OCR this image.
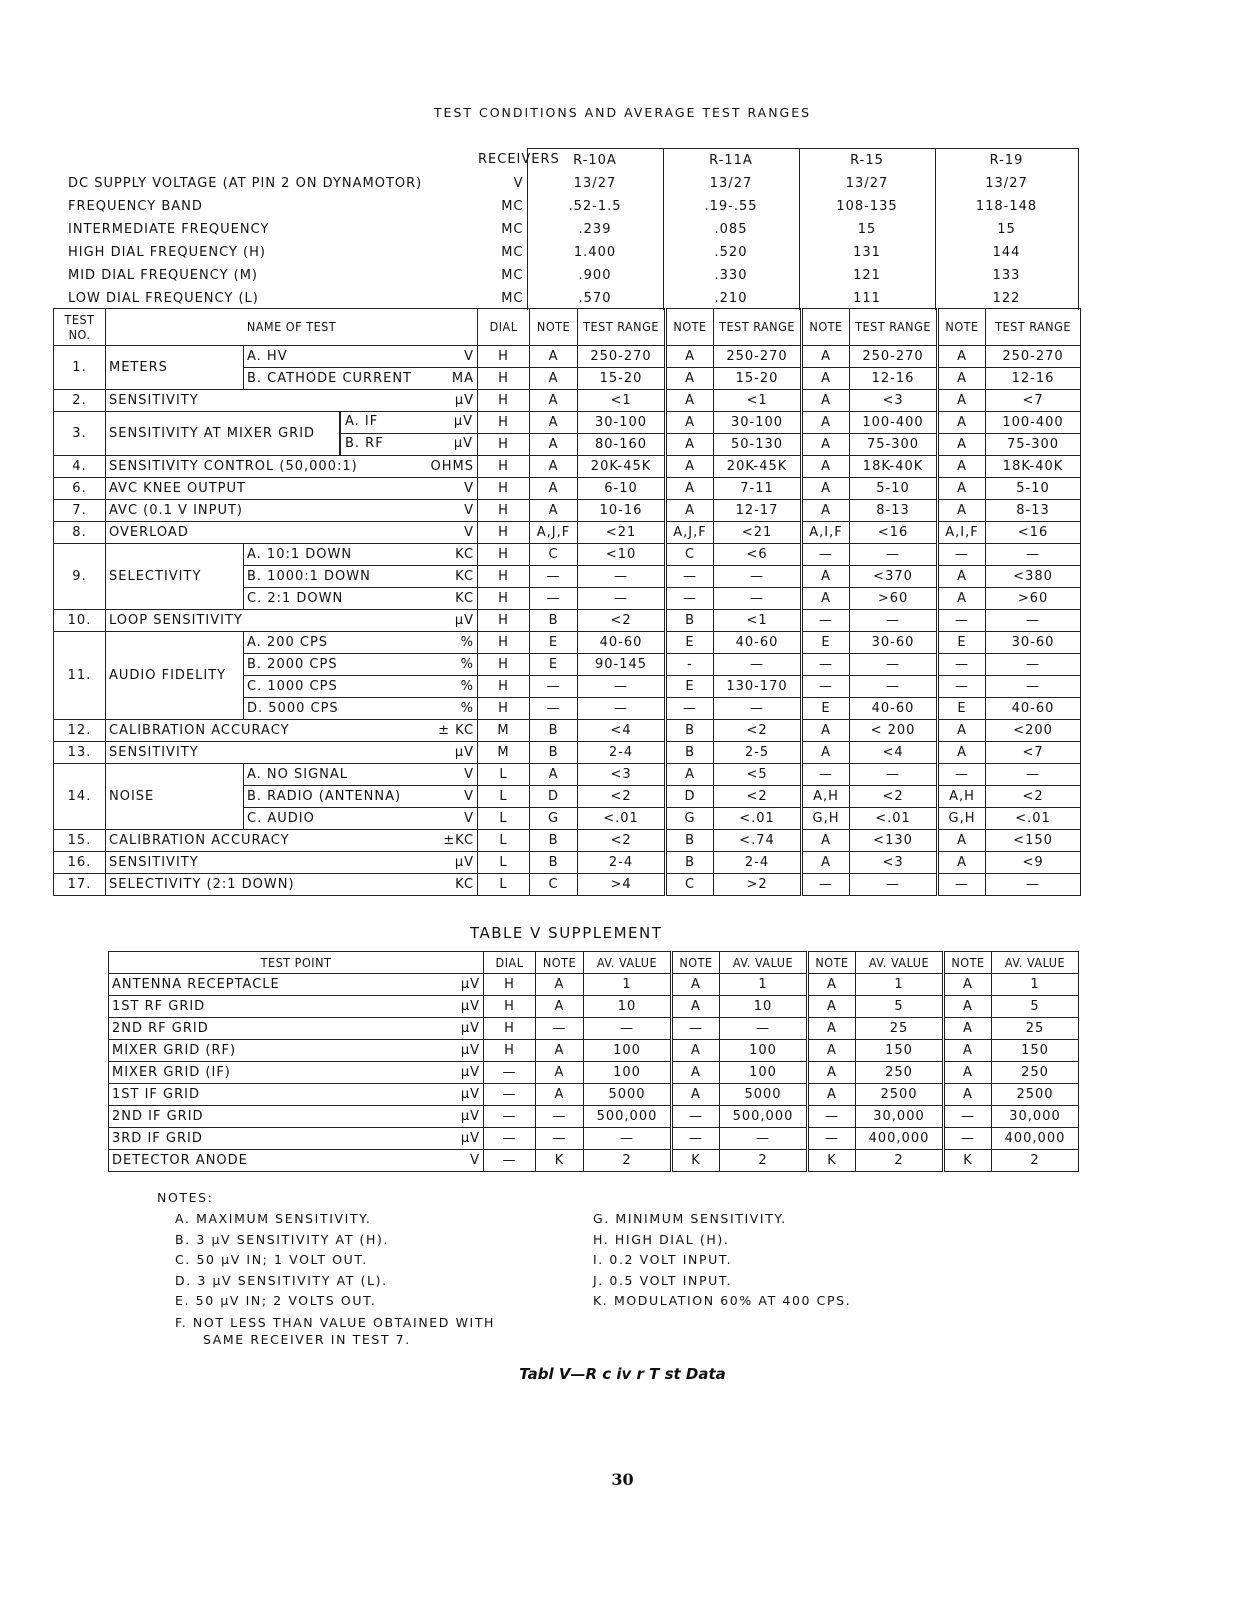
TEST CONDITIONS AND AVERAGE TEST RANGES
	RECEIVERS	R-10A	R-11A	R-15	R-19
DC SUPPLY VOLTAGE (AT PIN 2 ON DYNAMOTOR)	V	13/27	13/27	13/27	13/27
FREQUENCY BAND	MC	.52-1.5	.19-.55	108-135	118-148
INTERMEDIATE FREQUENCY	MC	.239	.085	15	15
HIGH DIAL FREQUENCY (H)	MC	1.400	.520	131	144
MID DIAL FREQUENCY (M)	MC	.900	.330	121	133
LOW DIAL FREQUENCY (L)	MC	.570	.210	111	122
TEST NO.	NAME OF TEST			DIAL	NOTE	TEST RANGE	NOTE	TEST RANGE	NOTE	TEST RANGE	NOTE	TEST RANGE
1.	METERS	A. HV V		H	A	250-270	A	250-270	A	250-270	A	250-270
		B. CATHODE CURRENT MA		H	A	15-20	A	15-20	A	12-16	A	12-16
2.	SENSITIVITY µV			H	A	<1	A	<1	A	<3	A	<7
3.	SENSITIVITY AT MIXER GRID		A. IF µV	H	A	30-100	A	30-100	A	100-400	A	100-400
			B. RF µV	H	A	80-160	A	50-130	A	75-300	A	75-300
4.	SENSITIVITY CONTROL (50,000:1) OHMS			H	A	20K-45K	A	20K-45K	A	18K-40K	A	18K-40K
6.	AVC KNEE OUTPUT V			H	A	6-10	A	7-11	A	5-10	A	5-10
7.	AVC (0.1 V INPUT) V			H	A	10-16	A	12-17	A	8-13	A	8-13
8.	OVERLOAD V			H	A,J,F	<21	A,J,F	<21	A,I,F	<16	A,I,F	<16
9.	SELECTIVITY	A. 10:1 DOWN KC		H	C	<10	C	<6	—	—	—	—
		B. 1000:1 DOWN KC		H	—	—	—	—	A	<370	A	<380
		C. 2:1 DOWN KC		H	—	—	—	—	A	>60	A	>60
10.	LOOP SENSITIVITY µV			H	B	<2	B	<1	—	—	—	—
11.	AUDIO FIDELITY	A. 200 CPS %		H	E	40-60	E	40-60	E	30-60	E	30-60
		B. 2000 CPS %		H	E	90-145	-	—	—	—	—	—
		C. 1000 CPS %		H	—	—	E	130-170	—	—	—	—
		D. 5000 CPS %		H	—	—	—	—	E	40-60	E	40-60
12.	CALIBRATION ACCURACY ± KC			M	B	<4	B	<2	A	< 200	A	<200
13.	SENSITIVITY µV			M	B	2-4	B	2-5	A	<4	A	<7
14.	NOISE	A. NO SIGNAL V		L	A	<3	A	<5	—	—	—	—
		B. RADIO (ANTENNA) V		L	D	<2	D	<2	A,H	<2	A,H	<2
		C. AUDIO V		L	G	<.01	G	<.01	G,H	<.01	G,H	<.01
15.	CALIBRATION ACCURACY ±KC			L	B	<2	B	<.74	A	<130	A	<150
16.	SENSITIVITY µV			L	B	2-4	B	2-4	A	<3	A	<9
17.	SELECTIVITY (2:1 DOWN) KC			L	C	>4	C	>2	—	—	—	—
TABLE V SUPPLEMENT
TEST POINT	DIAL	NOTE	AV. VALUE	NOTE	AV. VALUE	NOTE	AV. VALUE	NOTE	AV. VALUE
ANTENNA RECEPTACLE µV	H	A	1	A	1	A	1	A	1
1ST RF GRID µV	H	A	10	A	10	A	5	A	5
2ND RF GRID µV	H	—	—	—	—	A	25	A	25
MIXER GRID (RF) µV	H	A	100	A	100	A	150	A	150
MIXER GRID (IF) µV	—	A	100	A	100	A	250	A	250
1ST IF GRID µV	—	A	5000	A	5000	A	2500	A	2500
2ND IF GRID µV	—	—	500,000	—	500,000	—	30,000	—	30,000
3RD IF GRID µV	—	—	—	—	—	—	400,000	—	400,000
DETECTOR ANODE V	—	K	2	K	2	K	2	K	2
NOTES:
A. MAXIMUM SENSITIVITY.
B. 3 µV SENSITIVITY AT (H).
C. 50 µV IN; 1 VOLT OUT.
D. 3 µV SENSITIVITY AT (L).
E. 50 µV IN; 2 VOLTS OUT.
F. NOT LESS THAN VALUE OBTAINED WITH
SAME RECEIVER IN TEST 7.
G. MINIMUM SENSITIVITY.
H. HIGH DIAL (H).
I. 0.2 VOLT INPUT.
J. 0.5 VOLT INPUT.
K. MODULATION 60% AT 400 CPS.
Tabl V—R c iv r T st Data
30
